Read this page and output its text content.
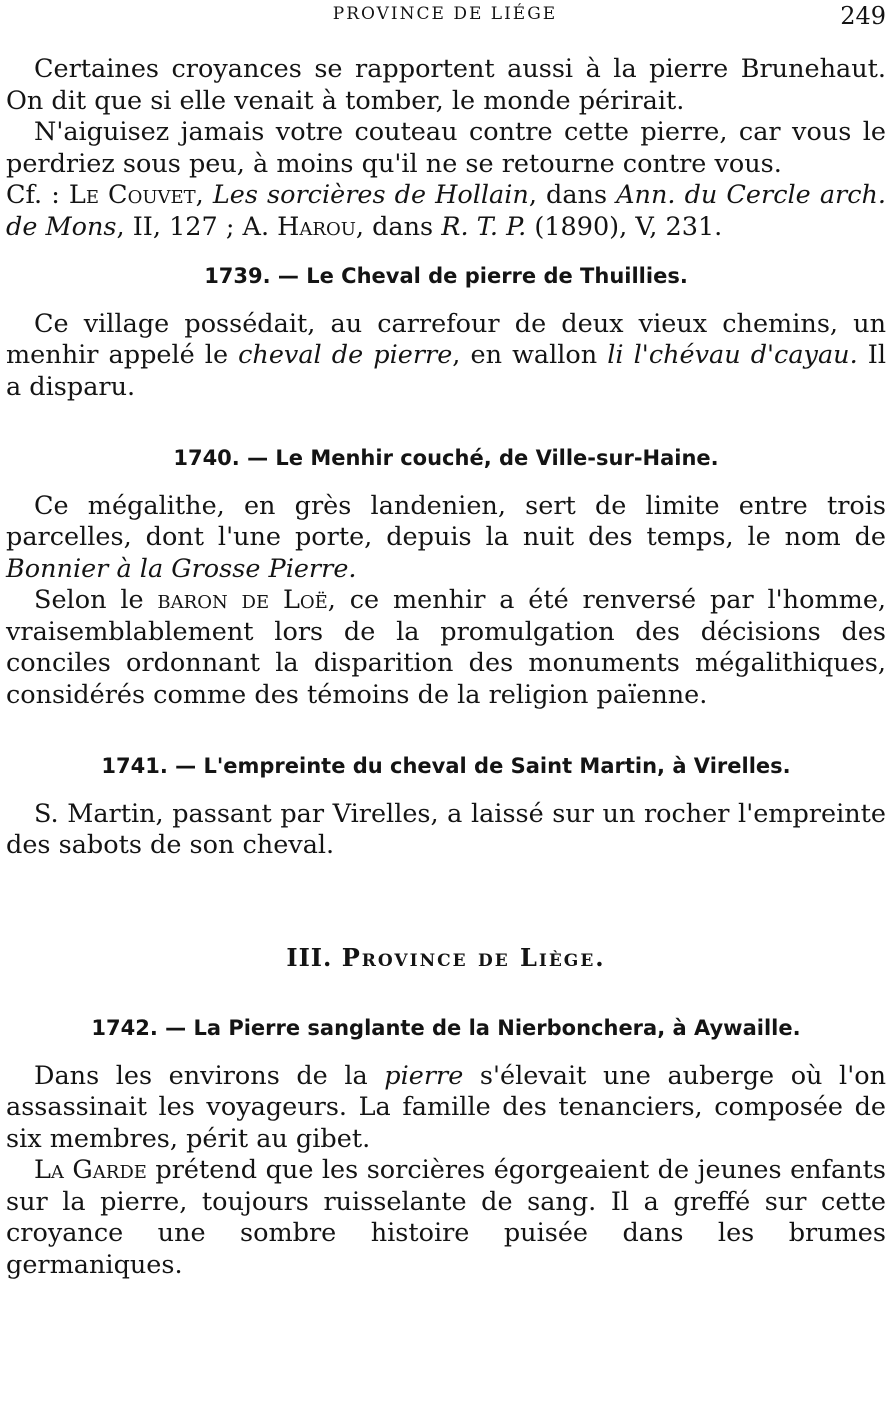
PROVINCE DE LIÉGE	249

Certaines croyances se rapportent aussi à la pierre Brunehaut. On dit que si elle venait à tomber, le monde périrait.

N'aiguisez jamais votre couteau contre cette pierre, car vous le perdriez sous peu, à moins qu'il ne se retourne contre vous.

Cf. : Le Couvet, Les sorcières de Hollain, dans Ann. du Cercle arch. de Mons, II, 127 ; A. Harou, dans R. T. P. (1890), V, 231.

1739. — Le Cheval de pierre de Thuillies.

Ce village possédait, au carrefour de deux vieux chemins, un menhir appelé le cheval de pierre, en wallon li l'chévau d'cayau. Il a disparu.

1740. — Le Menhir couché, de Ville-sur-Haine.

Ce mégalithe, en grès landenien, sert de limite entre trois parcelles, dont l'une porte, depuis la nuit des temps, le nom de Bonnier à la Grosse Pierre.

Selon le baron de Loë, ce menhir a été renversé par l'homme, vraisemblablement lors de la promulgation des décisions des conciles ordonnant la disparition des monuments mégalithiques, considérés comme des témoins de la religion païenne.

1741. — L'empreinte du cheval de Saint Martin, à Virelles.

S. Martin, passant par Virelles, a laissé sur un rocher l'empreinte des sabots de son cheval.

III. Province de Liège.
1742. — La Pierre sanglante de la Nierbonchera, à Aywaille.

Dans les environs de la pierre s'élevait une auberge où l'on assassinait les voyageurs. La famille des tenanciers, composée de six membres, périt au gibet.

La Garde prétend que les sorcières égorgeaient de jeunes enfants sur la pierre, toujours ruisselante de sang. Il a greffé sur cette croyance une sombre histoire puisée dans les brumes germaniques.
